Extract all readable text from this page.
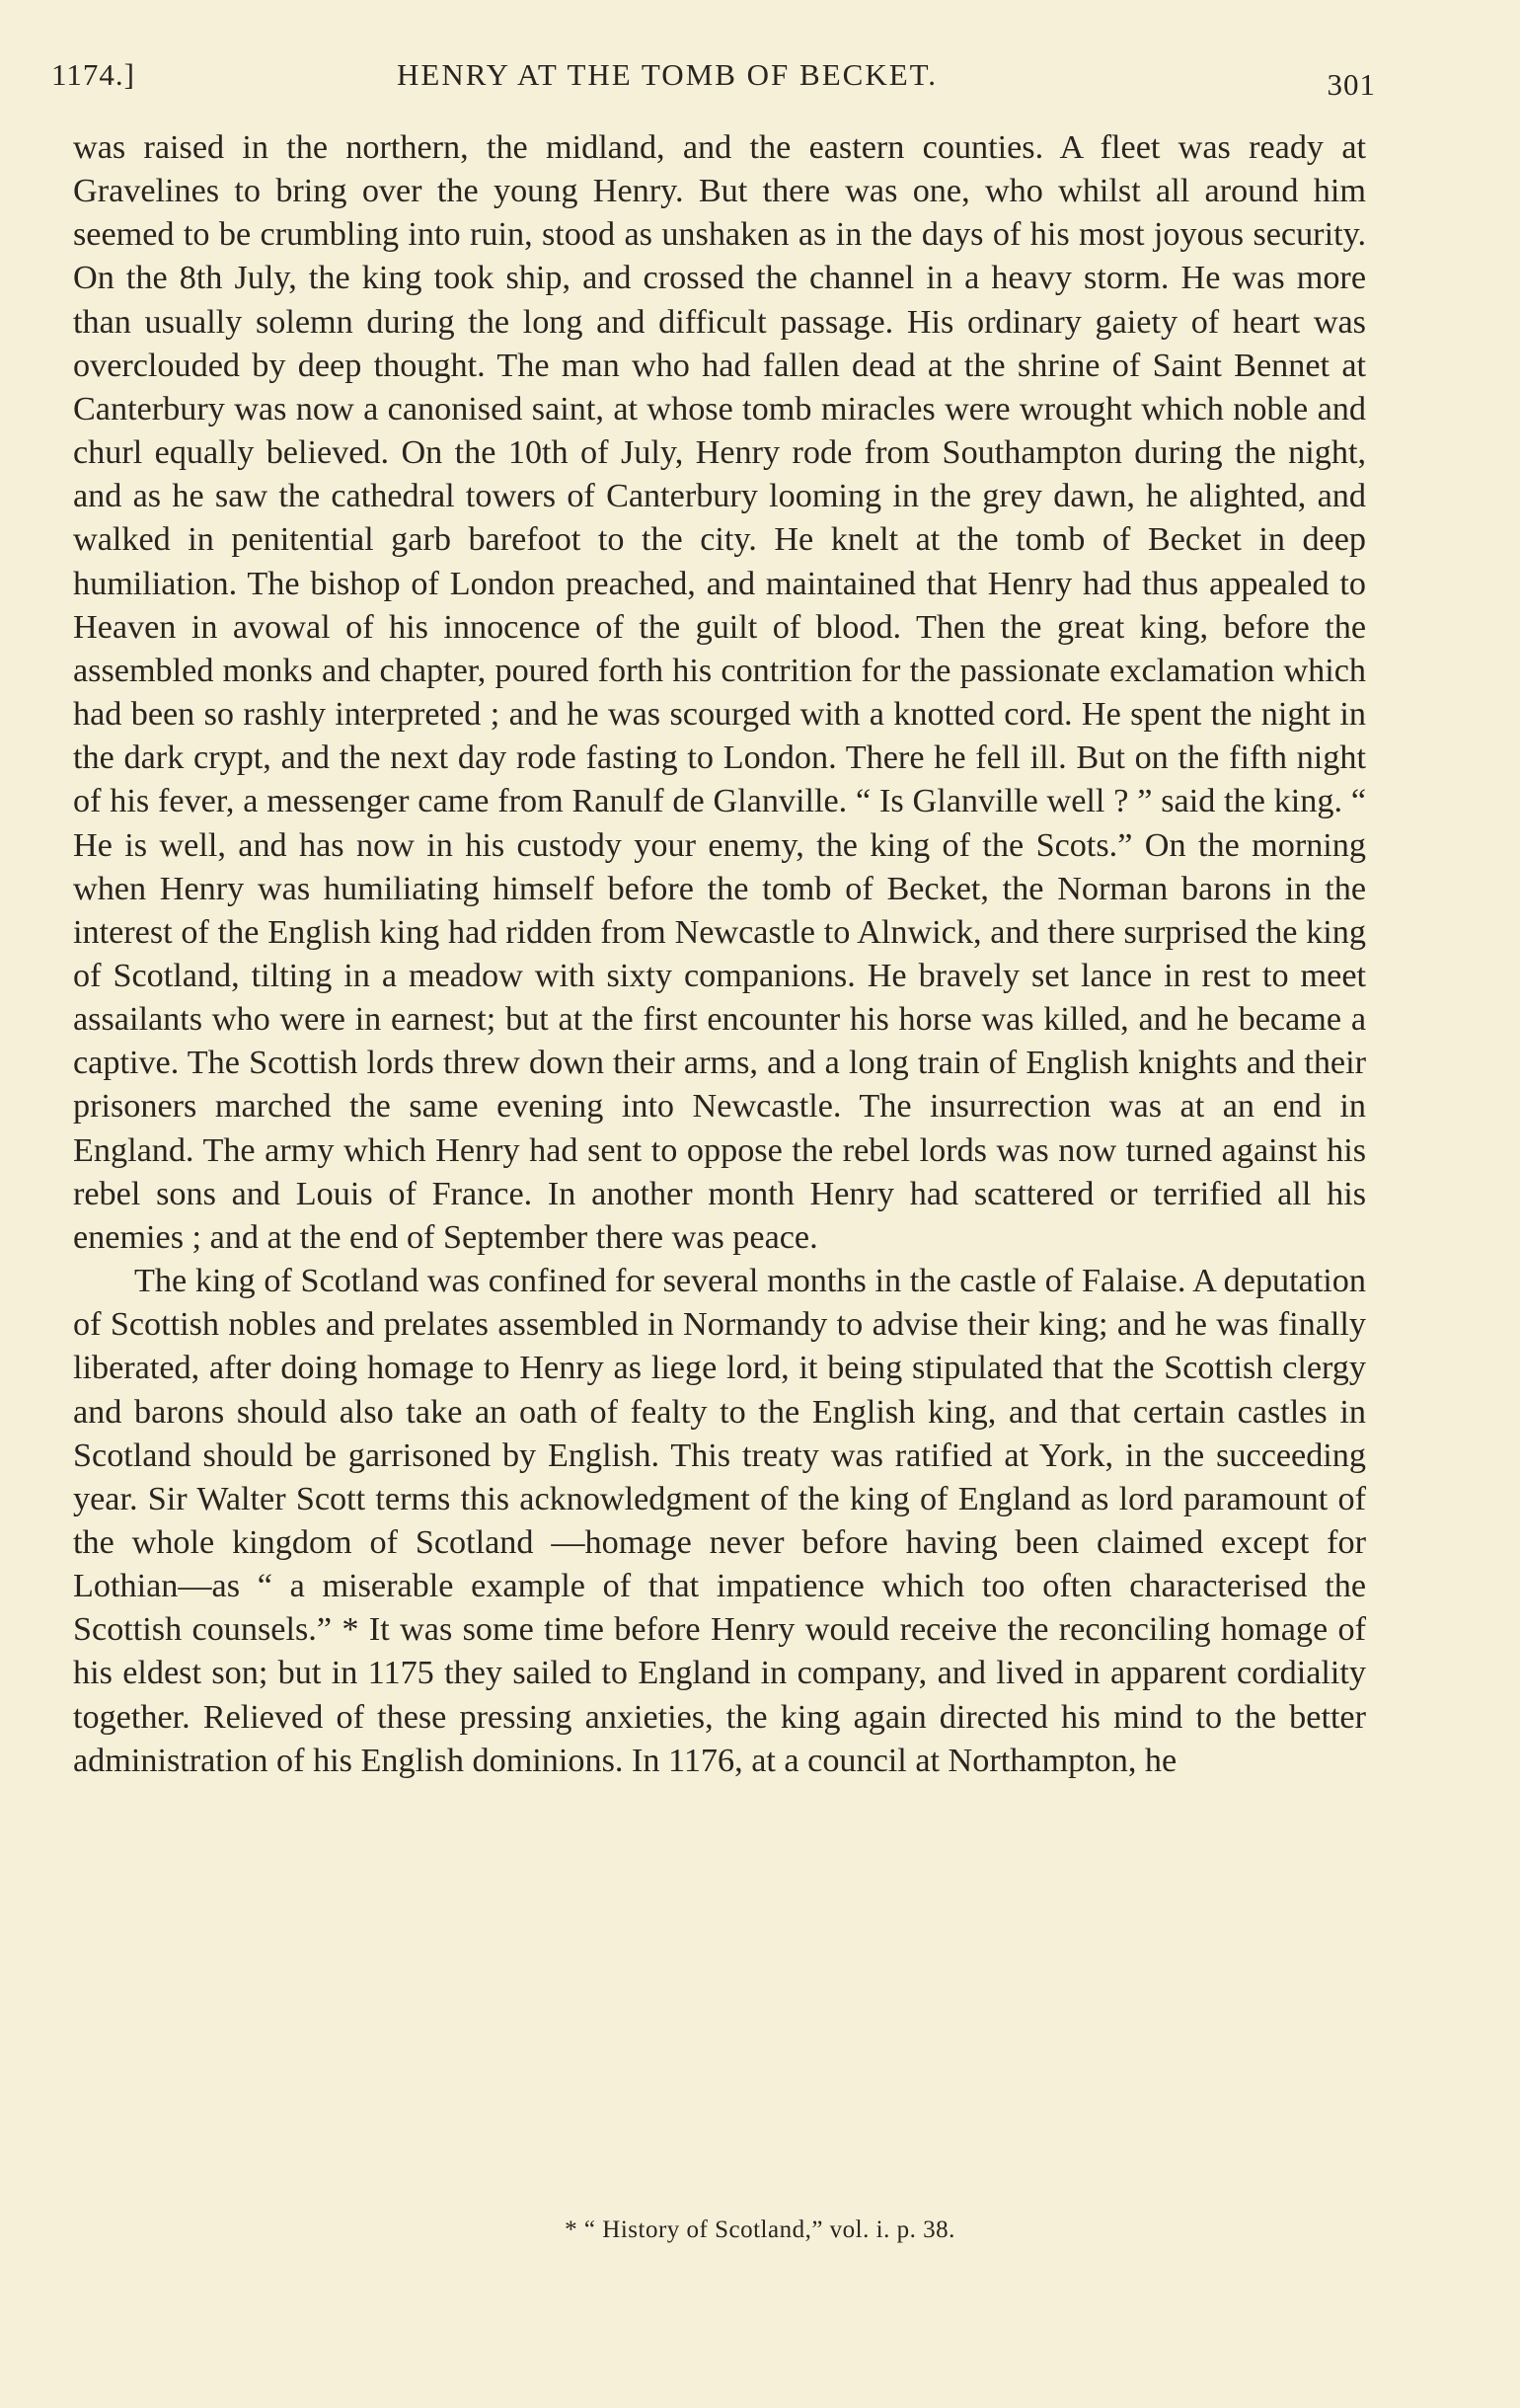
1174.]	HENRY AT THE TOMB OF BECKET.	301

was raised in the northern, the midland, and the eastern counties. A fleet was ready at Gravelines to bring over the young Henry. But there was one, who whilst all around him seemed to be crumbling into ruin, stood as unshaken as in the days of his most joyous security. On the 8th July, the king took ship, and crossed the channel in a heavy storm. He was more than usually solemn during the long and difficult passage. His ordinary gaiety of heart was overclouded by deep thought. The man who had fallen dead at the shrine of Saint Bennet at Canterbury was now a canonised saint, at whose tomb miracles were wrought which noble and churl equally believed. On the 10th of July, Henry rode from Southampton during the night, and as he saw the cathedral towers of Canterbury looming in the grey dawn, he alighted, and walked in penitential garb barefoot to the city. He knelt at the tomb of Becket in deep humiliation. The bishop of London preached, and maintained that Henry had thus appealed to Heaven in avowal of his innocence of the guilt of blood. Then the great king, before the assembled monks and chapter, poured forth his contrition for the passionate exclamation which had been so rashly interpreted ; and he was scourged with a knotted cord. He spent the night in the dark crypt, and the next day rode fasting to London. There he fell ill. But on the fifth night of his fever, a messenger came from Ranulf de Glanville. “ Is Glanville well ? ” said the king. “ He is well, and has now in his custody your enemy, the king of the Scots.” On the morning when Henry was humiliating himself before the tomb of Becket, the Norman barons in the interest of the English king had ridden from Newcastle to Alnwick, and there surprised the king of Scotland, tilting in a meadow with sixty companions. He bravely set lance in rest to meet assailants who were in earnest; but at the first encounter his horse was killed, and he became a captive. The Scottish lords threw down their arms, and a long train of English knights and their prisoners marched the same evening into Newcastle. The insurrection was at an end in England. The army which Henry had sent to oppose the rebel lords was now turned against his rebel sons and Louis of France. In another month Henry had scattered or terrified all his enemies ; and at the end of September there was peace.

The king of Scotland was confined for several months in the castle of Falaise. A deputation of Scottish nobles and prelates assembled in Normandy to advise their king; and he was finally liberated, after doing homage to Henry as liege lord, it being stipulated that the Scottish clergy and barons should also take an oath of fealty to the English king, and that certain castles in Scotland should be garrisoned by English. This treaty was ratified at York, in the succeeding year. Sir Walter Scott terms this acknowledgment of the king of England as lord paramount of the whole kingdom of Scotland —homage never before having been claimed except for Lothian—as “ a miserable example of that impatience which too often characterised the Scottish counsels.” * It was some time before Henry would receive the reconciling homage of his eldest son; but in 1175 they sailed to England in company, and lived in apparent cordiality together. Relieved of these pressing anxieties, the king again directed his mind to the better administration of his English dominions. In 1176, at a council at Northampton, he

* “ History of Scotland,” vol. i. p. 38.
